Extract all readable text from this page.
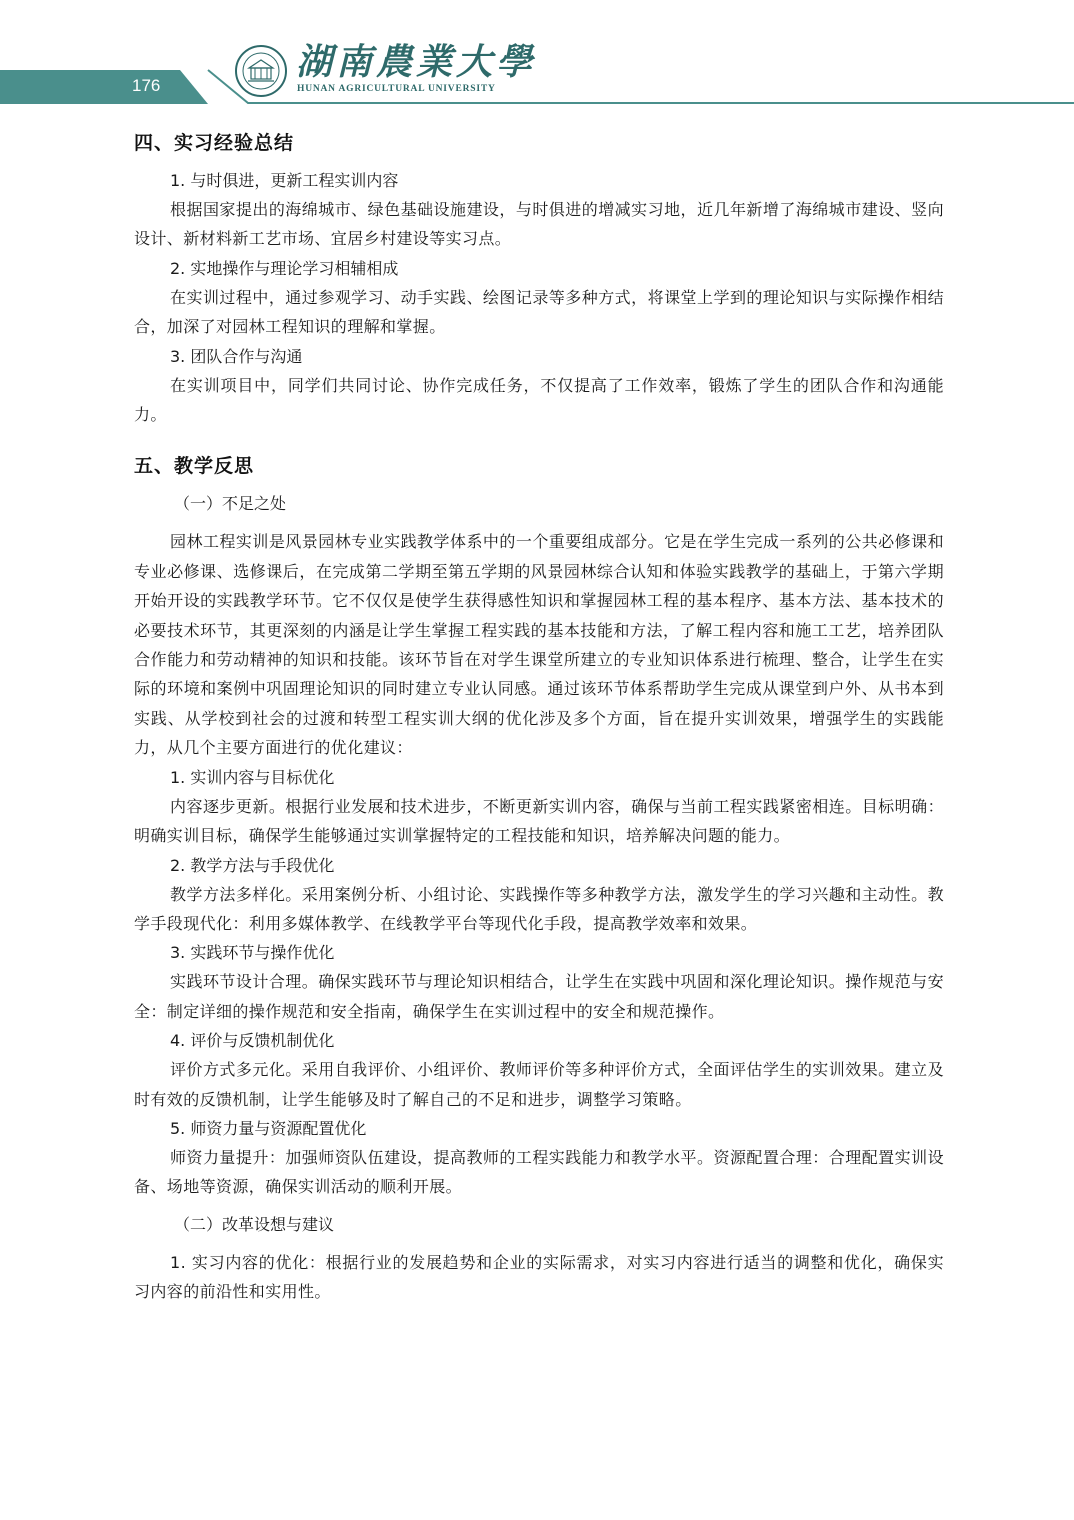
176
湖南農業大學
HUNAN AGRICULTURAL UNIVERSITY
四、实习经验总结
1. 与时俱进，更新工程实训内容

根据国家提出的海绵城市、绿色基础设施建设，与时俱进的增减实习地，近几年新增了海绵城市建设、竖向设计、新材料新工艺市场、宜居乡村建设等实习点。

2. 实地操作与理论学习相辅相成

在实训过程中，通过参观学习、动手实践、绘图记录等多种方式，将课堂上学到的理论知识与实际操作相结合，加深了对园林工程知识的理解和掌握。

3. 团队合作与沟通

在实训项目中，同学们共同讨论、协作完成任务，不仅提高了工作效率，锻炼了学生的团队合作和沟通能力。

五、教学反思
（一）不足之处

园林工程实训是风景园林专业实践教学体系中的一个重要组成部分。它是在学生完成一系列的公共必修课和专业必修课、选修课后，在完成第二学期至第五学期的风景园林综合认知和体验实践教学的基础上，于第六学期开始开设的实践教学环节。它不仅仅是使学生获得感性知识和掌握园林工程的基本程序、基本方法、基本技术的必要技术环节，其更深刻的内涵是让学生掌握工程实践的基本技能和方法，了解工程内容和施工工艺，培养团队合作能力和劳动精神的知识和技能。该环节旨在对学生课堂所建立的专业知识体系进行梳理、整合，让学生在实际的环境和案例中巩固理论知识的同时建立专业认同感。通过该环节体系帮助学生完成从课堂到户外、从书本到实践、从学校到社会的过渡和转型工程实训大纲的优化涉及多个方面，旨在提升实训效果，增强学生的实践能力，从几个主要方面进行的优化建议：

1. 实训内容与目标优化

内容逐步更新。根据行业发展和技术进步，不断更新实训内容，确保与当前工程实践紧密相连。目标明确：明确实训目标，确保学生能够通过实训掌握特定的工程技能和知识，培养解决问题的能力。

2. 教学方法与手段优化

教学方法多样化。采用案例分析、小组讨论、实践操作等多种教学方法，激发学生的学习兴趣和主动性。教学手段现代化：利用多媒体教学、在线教学平台等现代化手段，提高教学效率和效果。

3. 实践环节与操作优化

实践环节设计合理。确保实践环节与理论知识相结合，让学生在实践中巩固和深化理论知识。操作规范与安全：制定详细的操作规范和安全指南，确保学生在实训过程中的安全和规范操作。

4. 评价与反馈机制优化

评价方式多元化。采用自我评价、小组评价、教师评价等多种评价方式，全面评估学生的实训效果。建立及时有效的反馈机制，让学生能够及时了解自己的不足和进步，调整学习策略。

5. 师资力量与资源配置优化

师资力量提升：加强师资队伍建设，提高教师的工程实践能力和教学水平。资源配置合理：合理配置实训设备、场地等资源，确保实训活动的顺利开展。

（二）改革设想与建议

1. 实习内容的优化：根据行业的发展趋势和企业的实际需求，对实习内容进行适当的调整和优化，确保实习内容的前沿性和实用性。
